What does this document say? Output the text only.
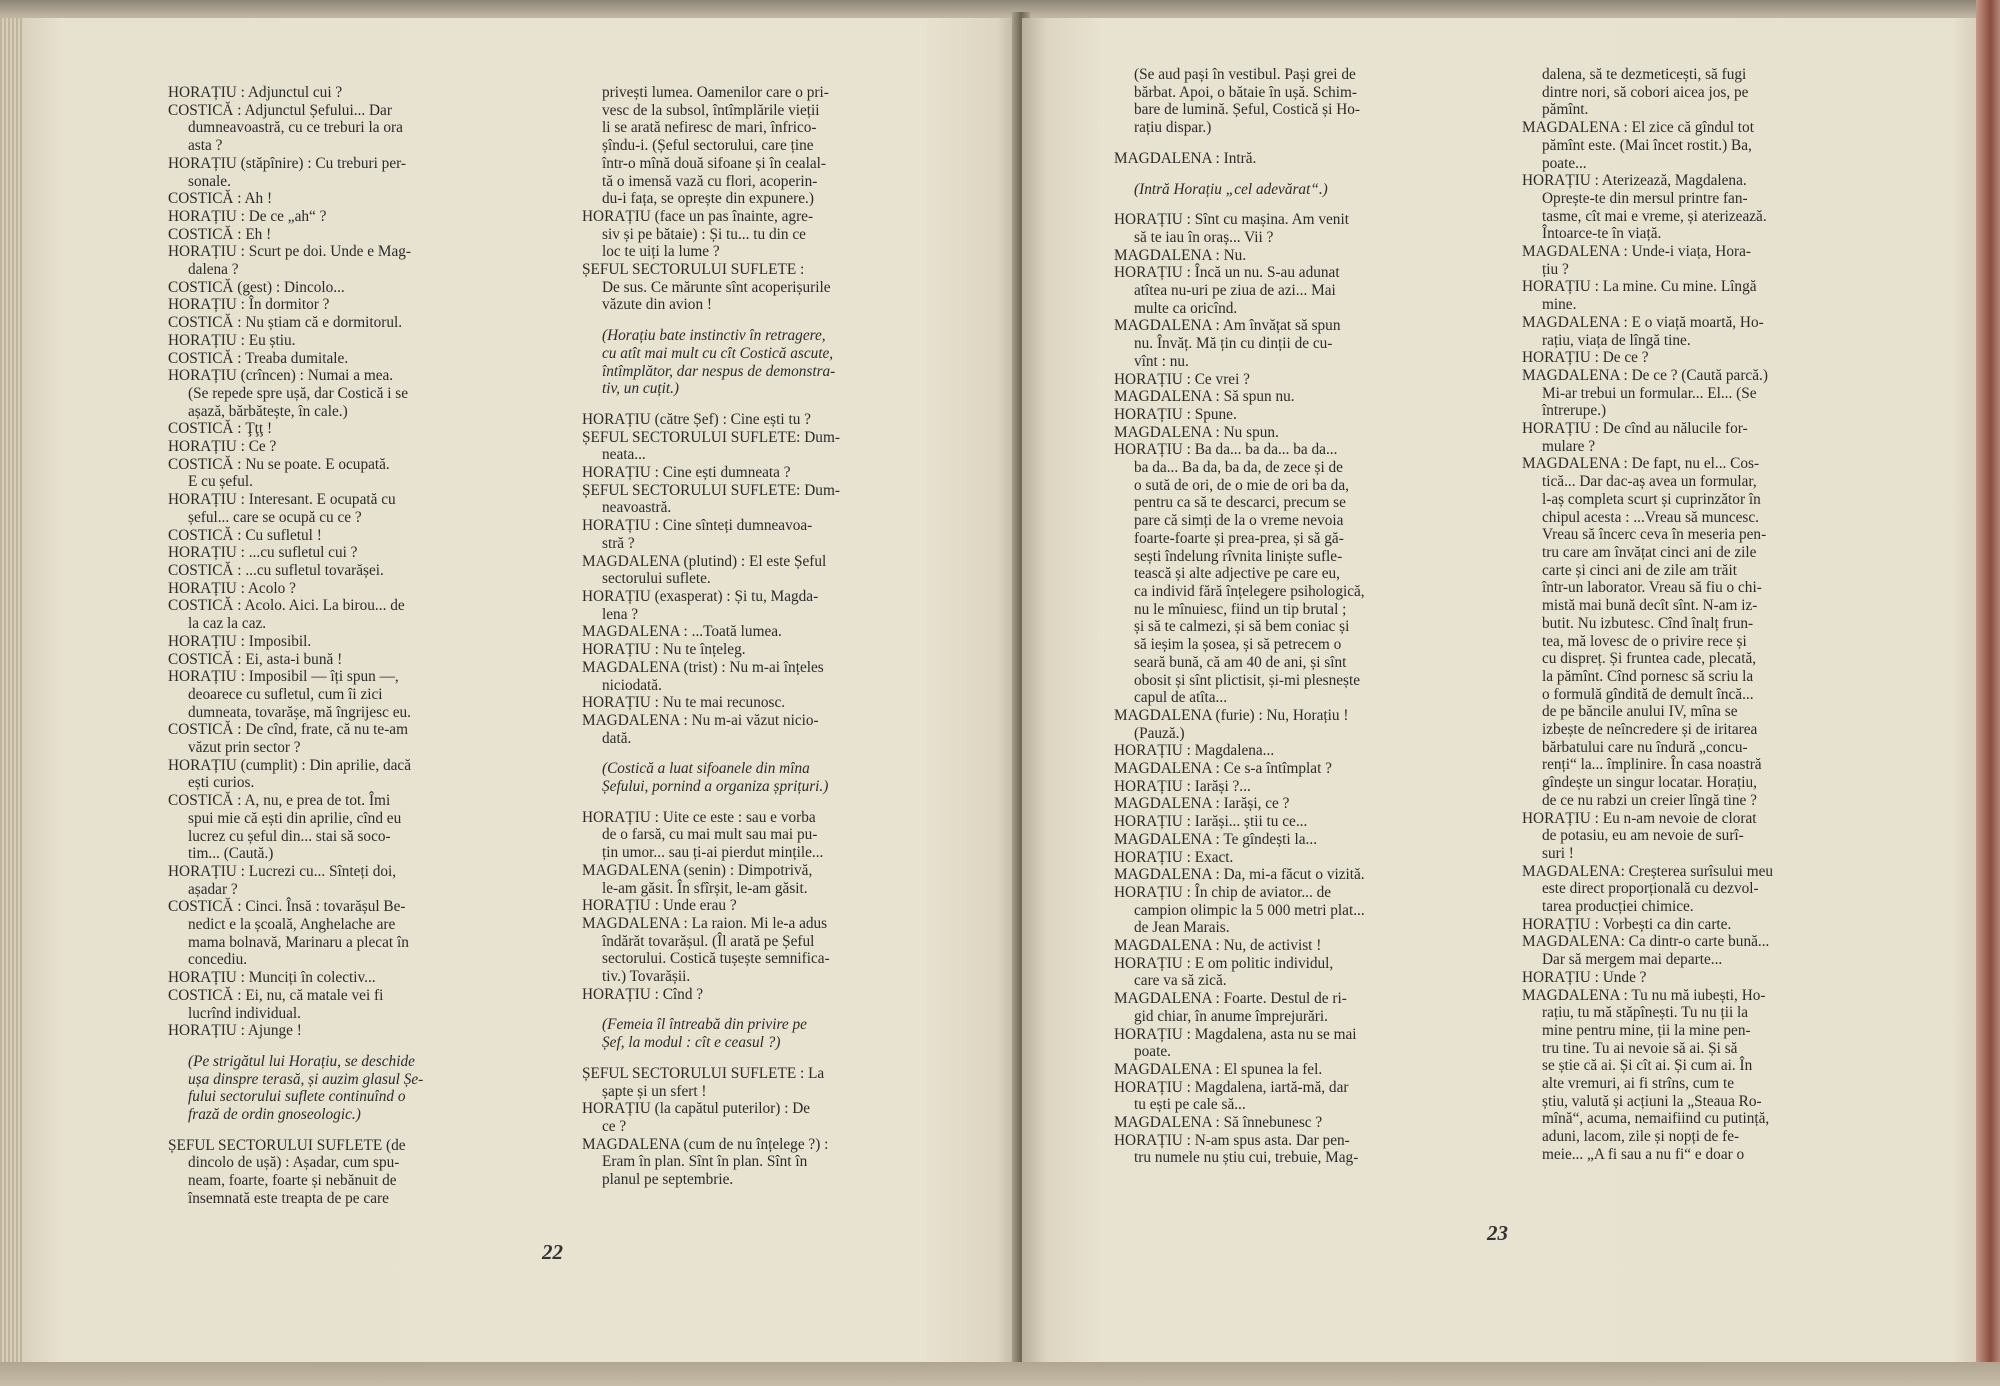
HORAȚIU : Adjunctul cui ?

COSTICĂ : Adjunctul Șefului... Dar

dumneavoastră, cu ce treburi la ora

asta ?

HORAȚIU (stăpînire) : Cu treburi per-

sonale.

COSTICĂ : Ah !

HORAȚIU : De ce „ah“ ?

COSTICĂ : Eh !

HORAȚIU : Scurt pe doi. Unde e Mag-

dalena ?

COSTICĂ (gest) : Dincolo...

HORAȚIU : În dormitor ?

COSTICĂ : Nu știam că e dormitorul.

HORAȚIU : Eu știu.

COSTICĂ : Treaba dumitale.

HORAȚIU (crîncen) : Numai a mea.

(Se repede spre ușă, dar Costică i se

așază, bărbătește, în cale.)

COSTICĂ : Ţţţ !

HORAȚIU : Ce ?

COSTICĂ : Nu se poate. E ocupată.

E cu șeful.

HORAȚIU : Interesant. E ocupată cu

șeful... care se ocupă cu ce ?

COSTICĂ : Cu sufletul !

HORAȚIU : ...cu sufletul cui ?

COSTICĂ : ...cu sufletul tovarășei.

HORAȚIU : Acolo ?

COSTICĂ : Acolo. Aici. La birou... de

la caz la caz.

HORAȚIU : Imposibil.

COSTICĂ : Ei, asta-i bună !

HORAȚIU : Imposibil — îți spun —,

deoarece cu sufletul, cum îi zici

dumneata, tovarășe, mă îngrijesc eu.

COSTICĂ : De cînd, frate, că nu te-am

văzut prin sector ?

HORAȚIU (cumplit) : Din aprilie, dacă

ești curios.

COSTICĂ : A, nu, e prea de tot. Îmi

spui mie că ești din aprilie, cînd eu

lucrez cu șeful din... stai să soco-

tim... (Caută.)

HORAȚIU : Lucrezi cu... Sînteți doi,

așadar ?

COSTICĂ : Cinci. Însă : tovarășul Be-

nedict e la școală, Anghelache are

mama bolnavă, Marinaru a plecat în

concediu.

HORAȚIU : Munciți în colectiv...

COSTICĂ : Ei, nu, că matale vei fi

lucrînd individual.

HORAȚIU : Ajunge !

(Pe strigătul lui Horațiu, se deschide

ușa dinspre terasă, și auzim glasul Șe-

fului sectorului suflete continuînd o

frază de ordin gnoseologic.)

ȘEFUL SECTORULUI SUFLETE (de

dincolo de ușă) : Așadar, cum spu-

neam, foarte, foarte și nebănuit de

însemnată este treapta de pe care

privești lumea. Oamenilor care o pri-

vesc de la subsol, întîmplările vieții

li se arată nefiresc de mari, înfrico-

șîndu-i. (Șeful sectorului, care ține

într-o mînă două sifoane și în cealal-

tă o imensă vază cu flori, acoperin-

du-i fața, se oprește din expunere.)

HORAȚIU (face un pas înainte, agre-

siv și pe bătaie) : Și tu... tu din ce

loc te uiți la lume ?

ȘEFUL SECTORULUI SUFLETE :

De sus. Ce mărunte sînt acoperișurile

văzute din avion !

(Horațiu bate instinctiv în retragere,

cu atît mai mult cu cît Costică ascute,

întîmplător, dar nespus de demonstra-

tiv, un cuțit.)

HORAȚIU (către Șef) : Cine ești tu ?

ȘEFUL SECTORULUI SUFLETE: Dum-

neata...

HORAȚIU : Cine ești dumneata ?

ȘEFUL SECTORULUI SUFLETE: Dum-

neavoastră.

HORAȚIU : Cine sînteți dumneavoa-

stră ?

MAGDALENA (plutind) : El este Șeful

sectorului suflete.

HORAȚIU (exasperat) : Și tu, Magda-

lena ?

MAGDALENA : ...Toată lumea.

HORAȚIU : Nu te înțeleg.

MAGDALENA (trist) : Nu m-ai înțeles

niciodată.

HORAȚIU : Nu te mai recunosc.

MAGDALENA : Nu m-ai văzut nicio-

dată.

(Costică a luat sifoanele din mîna

Șefului, pornind a organiza șprițuri.)

HORAȚIU : Uite ce este : sau e vorba

de o farsă, cu mai mult sau mai pu-

țin umor... sau ți-ai pierdut mințile...

MAGDALENA (senin) : Dimpotrivă,

le-am găsit. În sfîrșit, le-am găsit.

HORAȚIU : Unde erau ?

MAGDALENA : La raion. Mi le-a adus

îndărăt tovarășul. (Îl arată pe Șeful

sectorului. Costică tușește semnifica-

tiv.) Tovarășii.

HORAȚIU : Cînd ?

(Femeia îl întreabă din privire pe

Șef, la modul : cît e ceasul ?)

ȘEFUL SECTORULUI SUFLETE : La

șapte și un sfert !

HORAȚIU (la capătul puterilor) : De

ce ?

MAGDALENA (cum de nu înțelege ?) :

Eram în plan. Sînt în plan. Sînt în

planul pe septembrie.

22

(Se aud pași în vestibul. Pași grei de

bărbat. Apoi, o bătaie în ușă. Schim-

bare de lumină. Șeful, Costică și Ho-

rațiu dispar.)

MAGDALENA : Intră.

(Intră Horațiu „cel adevărat“.)

HORAȚIU : Sînt cu mașina. Am venit

să te iau în oraș... Vii ?

MAGDALENA : Nu.

HORAȚIU : Încă un nu. S-au adunat

atîtea nu-uri pe ziua de azi... Mai

multe ca oricînd.

MAGDALENA : Am învățat să spun

nu. Învăț. Mă țin cu dinții de cu-

vînt : nu.

HORAȚIU : Ce vrei ?

MAGDALENA : Să spun nu.

HORAȚIU : Spune.

MAGDALENA : Nu spun.

HORAȚIU : Ba da... ba da... ba da...

ba da... Ba da, ba da, de zece și de

o sută de ori, de o mie de ori ba da,

pentru ca să te descarci, precum se

pare că simți de la o vreme nevoia

foarte-foarte și prea-prea, și să gă-

sești îndelung rîvnita liniște sufle-

tească și alte adjective pe care eu,

ca individ fără înțelegere psihologică,

nu le mînuiesc, fiind un tip brutal ;

și să te calmezi, și să bem coniac și

să ieșim la șosea, și să petrecem o

seară bună, că am 40 de ani, și sînt

obosit și sînt plictisit, și-mi plesnește

capul de atîta...

MAGDALENA (furie) : Nu, Horațiu !

(Pauză.)

HORAȚIU : Magdalena...

MAGDALENA : Ce s-a întîmplat ?

HORAȚIU : Iarăși ?...

MAGDALENA : Iarăși, ce ?

HORAȚIU : Iarăși... știi tu ce...

MAGDALENA : Te gîndești la...

HORAȚIU : Exact.

MAGDALENA : Da, mi-a făcut o vizită.

HORAȚIU : În chip de aviator... de

campion olimpic la 5 000 metri plat...

de Jean Marais.

MAGDALENA : Nu, de activist !

HORAȚIU : E om politic individul,

care va să zică.

MAGDALENA : Foarte. Destul de ri-

gid chiar, în anume împrejurări.

HORAȚIU : Magdalena, asta nu se mai

poate.

MAGDALENA : El spunea la fel.

HORAȚIU : Magdalena, iartă-mă, dar

tu ești pe cale să...

MAGDALENA : Să înnebunesc ?

HORAȚIU : N-am spus asta. Dar pen-

tru numele nu știu cui, trebuie, Mag-

dalena, să te dezmeticești, să fugi

dintre nori, să cobori aicea jos, pe

pămînt.

MAGDALENA : El zice că gîndul tot

pămînt este. (Mai încet rostit.) Ba,

poate...

HORAȚIU : Aterizează, Magdalena.

Oprește-te din mersul printre fan-

tasme, cît mai e vreme, și aterizează.

Întoarce-te în viață.

MAGDALENA : Unde-i viața, Hora-

țiu ?

HORAȚIU : La mine. Cu mine. Lîngă

mine.

MAGDALENA : E o viață moartă, Ho-

rațiu, viața de lîngă tine.

HORAȚIU : De ce ?

MAGDALENA : De ce ? (Caută parcă.)

Mi-ar trebui un formular... El... (Se

întrerupe.)

HORAȚIU : De cînd au nălucile for-

mulare ?

MAGDALENA : De fapt, nu el... Cos-

tică... Dar dac-aș avea un formular,

l-aș completa scurt și cuprinzător în

chipul acesta : ...Vreau să muncesc.

Vreau să încerc ceva în meseria pen-

tru care am învățat cinci ani de zile

carte și cinci ani de zile am trăit

într-un laborator. Vreau să fiu o chi-

mistă mai bună decît sînt. N-am iz-

butit. Nu izbutesc. Cînd înalț frun-

tea, mă lovesc de o privire rece și

cu dispreț. Și fruntea cade, plecată,

la pămînt. Cînd pornesc să scriu la

o formulă gîndită de demult încă...

de pe băncile anului IV, mîna se

izbește de neîncredere și de iritarea

bărbatului care nu îndură „concu-

renți“ la... împlinire. În casa noastră

gîndește un singur locatar. Horațiu,

de ce nu rabzi un creier lîngă tine ?

HORAȚIU : Eu n-am nevoie de clorat

de potasiu, eu am nevoie de surî-

suri !

MAGDALENA: Creșterea surîsului meu

este direct proporțională cu dezvol-

tarea producției chimice.

HORAȚIU : Vorbești ca din carte.

MAGDALENA: Ca dintr-o carte bună...

Dar să mergem mai departe...

HORAȚIU : Unde ?

MAGDALENA : Tu nu mă iubești, Ho-

rațiu, tu mă stăpînești. Tu nu ții la

mine pentru mine, ții la mine pen-

tru tine. Tu ai nevoie să ai. Și să

se știe că ai. Și cît ai. Și cum ai. În

alte vremuri, ai fi strîns, cum te

știu, valută și acțiuni la „Steaua Ro-

mînă“, acuma, nemaifiind cu putință,

aduni, lacom, zile și nopți de fe-

meie... „A fi sau a nu fi“ e doar o

23
